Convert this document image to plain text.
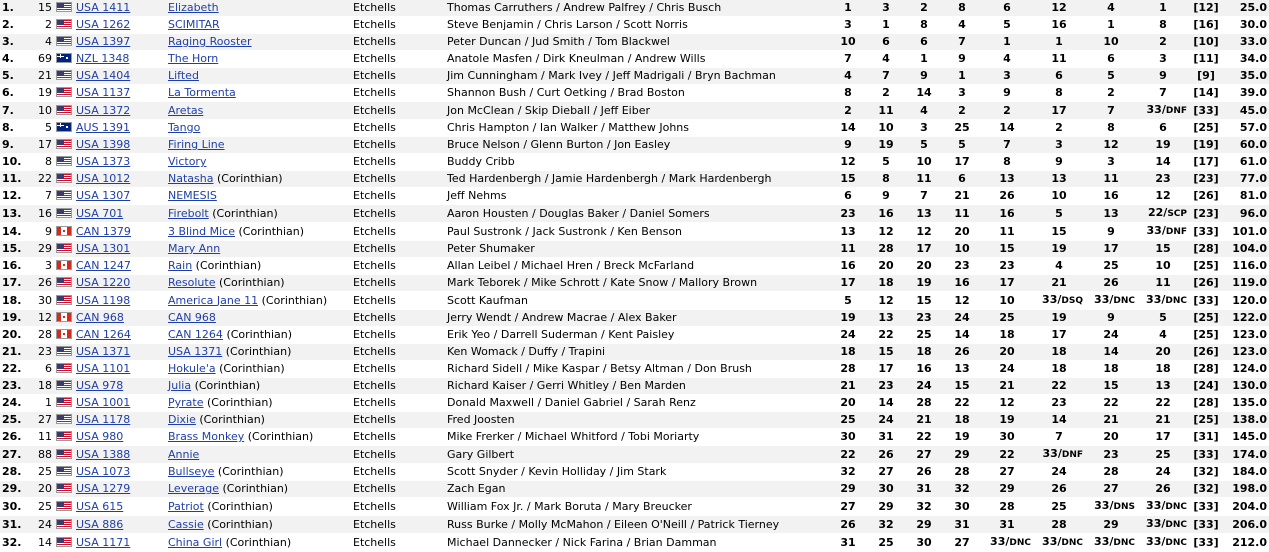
1.	15	USA 1411	Elizabeth	Etchells	Thomas Carruthers / Andrew Palfrey / Chris Busch	1	3	2	8	6	12	4	1	[12]	25.0
2.	2	USA 1262	SCIMITAR	Etchells	Steve Benjamin / Chris Larson / Scott Norris	3	1	8	4	5	16	1	8	[16]	30.0
3.	4	USA 1397	Raging Rooster	Etchells	Peter Duncan / Jud Smith / Tom Blackwel	10	6	6	7	1	1	10	2	[10]	33.0
4.	69	NZL 1348	The Horn	Etchells	Anatole Masfen / Dirk Kneulman / Andrew Wills	7	4	1	9	4	11	6	3	[11]	34.0
5.	21	USA 1404	Lifted	Etchells	Jim Cunningham / Mark Ivey / Jeff Madrigali / Bryn Bachman	4	7	9	1	3	6	5	9	[9]	35.0
6.	19	USA 1137	La Tormenta	Etchells	Shannon Bush / Curt Oetking / Brad Boston	8	2	14	3	9	8	2	7	[14]	39.0
7.	10	USA 1372	Aretas	Etchells	Jon McClean / Skip Dieball / Jeff Eiber	2	11	4	2	2	17	7	33/DNF	[33]	45.0
8.	5	AUS 1391	Tango	Etchells	Chris Hampton / Ian Walker / Matthew Johns	14	10	3	25	14	2	8	6	[25]	57.0
9.	17	USA 1398	Firing Line	Etchells	Bruce Nelson / Glenn Burton / Jon Easley	9	19	5	5	7	3	12	19	[19]	60.0
10.	8	USA 1373	Victory	Etchells	Buddy Cribb	12	5	10	17	8	9	3	14	[17]	61.0
11.	22	USA 1012	Natasha (Corinthian)	Etchells	Ted Hardenbergh / Jamie Hardenbergh / Mark Hardenbergh	15	8	11	6	13	13	11	23	[23]	77.0
12.	7	USA 1307	NEMESIS	Etchells	Jeff Nehms	6	9	7	21	26	10	16	12	[26]	81.0
13.	16	USA 701	Firebolt (Corinthian)	Etchells	Aaron Housten / Douglas Baker / Daniel Somers	23	16	13	11	16	5	13	22/SCP	[23]	96.0
14.	9	CAN 1379	3 Blind Mice (Corinthian)	Etchells	Paul Sustronk / Jack Sustronk / Ken Benson	13	12	12	20	11	15	9	33/DNF	[33]	101.0
15.	29	USA 1301	Mary Ann	Etchells	Peter Shumaker	11	28	17	10	15	19	17	15	[28]	104.0
16.	3	CAN 1247	Rain (Corinthian)	Etchells	Allan Leibel / Michael Hren / Breck McFarland	16	20	20	23	23	4	25	10	[25]	116.0
17.	26	USA 1220	Resolute (Corinthian)	Etchells	Mark Teborek / Mike Schrott / Kate Snow / Mallory Brown	17	18	19	16	17	21	26	11	[26]	119.0
18.	30	USA 1198	America Jane 11 (Corinthian)	Etchells	Scott Kaufman	5	12	15	12	10	33/DSQ	33/DNC	33/DNC	[33]	120.0
19.	12	CAN 968	CAN 968	Etchells	Jerry Wendt / Andrew Macrae / Alex Baker	19	13	23	24	25	19	9	5	[25]	122.0
20.	28	CAN 1264	CAN 1264 (Corinthian)	Etchells	Erik Yeo / Darrell Suderman / Kent Paisley	24	22	25	14	18	17	24	4	[25]	123.0
21.	23	USA 1371	USA 1371 (Corinthian)	Etchells	Ken Womack / Duffy / Trapini	18	15	18	26	20	18	14	20	[26]	123.0
22.	6	USA 1101	Hokule'a (Corinthian)	Etchells	Richard Sidell / Mike Kaspar / Betsy Altman / Don Brush	28	17	16	13	24	18	18	18	[28]	124.0
23.	18	USA 978	Julia (Corinthian)	Etchells	Richard Kaiser / Gerri Whitley / Ben Marden	21	23	24	15	21	22	15	13	[24]	130.0
24.	1	USA 1001	Pyrate (Corinthian)	Etchells	Donald Maxwell / Daniel Gabriel / Sarah Renz	20	14	28	22	12	23	22	22	[28]	135.0
25.	27	USA 1178	Dixie (Corinthian)	Etchells	Fred Joosten	25	24	21	18	19	14	21	21	[25]	138.0
26.	11	USA 980	Brass Monkey (Corinthian)	Etchells	Mike Frerker / Michael Whitford / Tobi Moriarty	30	31	22	19	30	7	20	17	[31]	145.0
27.	88	USA 1388	Annie	Etchells	Gary Gilbert	22	26	27	29	22	33/DNF	23	25	[33]	174.0
28.	25	USA 1073	Bullseye (Corinthian)	Etchells	Scott Snyder / Kevin Holliday / Jim Stark	32	27	26	28	27	24	28	24	[32]	184.0
29.	20	USA 1279	Leverage (Corinthian)	Etchells	Zach Egan	29	30	31	32	29	26	27	26	[32]	198.0
30.	25	USA 615	Patriot (Corinthian)	Etchells	William Fox Jr. / Mark Boruta / Mary Breucker	27	29	32	30	28	25	33/DNS	33/DNC	[33]	204.0
31.	24	USA 886	Cassie (Corinthian)	Etchells	Russ Burke / Molly McMahon / Eileen O'Neill / Patrick Tierney	26	32	29	31	31	28	29	33/DNC	[33]	206.0
32.	14	USA 1171	China Girl (Corinthian)	Etchells	Michael Dannecker / Nick Farina / Brian Damman	31	25	30	27	33/DNC	33/DNC	33/DNC	33/DNC	[33]	212.0
